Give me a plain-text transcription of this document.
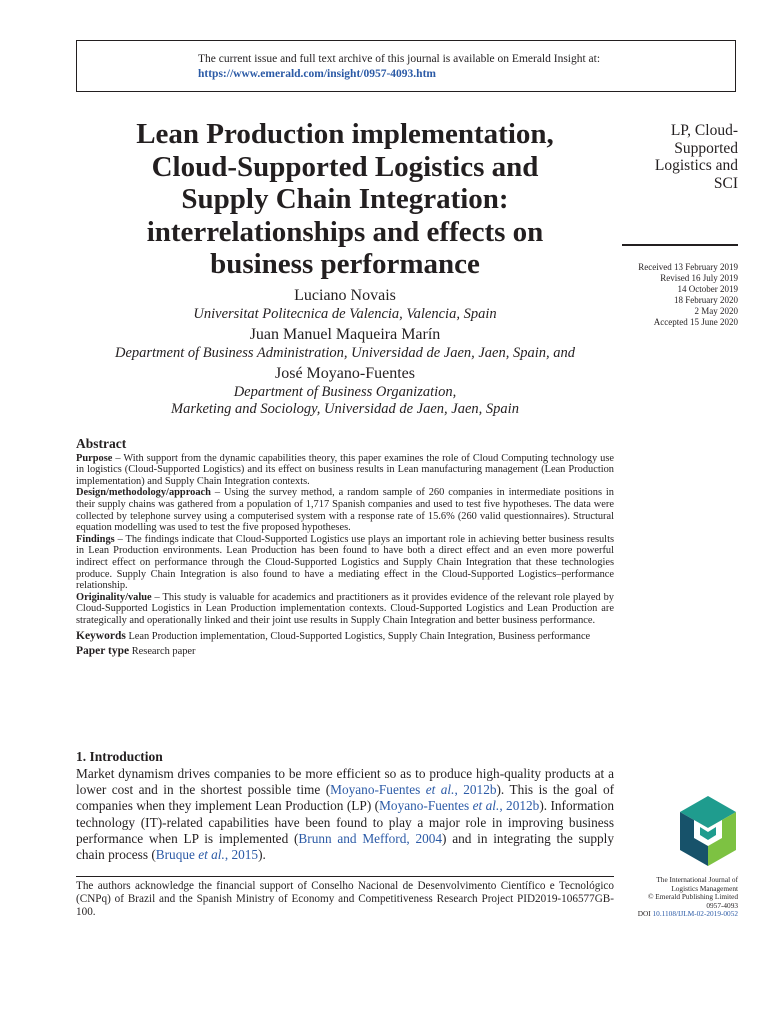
The current issue and full text archive of this journal is available on Emerald Insight at:
https://www.emerald.com/insight/0957-4093.htm
Lean Production implementation,
Cloud-Supported Logistics and
Supply Chain Integration:
interrelationships and effects on
business performance
Luciano Novais
Universitat Politecnica de Valencia, Valencia, Spain
Juan Manuel Maqueira Marín
Department of Business Administration, Universidad de Jaen, Jaen, Spain, and
José Moyano-Fuentes
Department of Business Organization,
Marketing and Sociology, Universidad de Jaen, Jaen, Spain
LP, Cloud-
Supported
Logistics and
SCI
Received 13 February 2019
Revised 16 July 2019
14 October 2019
18 February 2020
2 May 2020
Accepted 15 June 2020
Abstract

Purpose – With support from the dynamic capabilities theory, this paper examines the role of Cloud Computing technology use in logistics (Cloud-Supported Logistics) and its effect on business results in Lean manufacturing management (Lean Production implementation) and Supply Chain Integration contexts.

Design/methodology/approach – Using the survey method, a random sample of 260 companies in intermediate positions in their supply chains was gathered from a population of 1,717 Spanish companies and used to test five hypotheses. The data were collected by telephone survey using a computerised system with a response rate of 15.6% (260 valid questionnaires). Structural equation modelling was used to test the five proposed hypotheses.

Findings – The findings indicate that Cloud-Supported Logistics use plays an important role in achieving better business results in Lean Production environments. Lean Production has been found to have both a direct effect and an even more powerful indirect effect on performance through the Cloud-Supported Logistics and Supply Chain Integration that these technologies produce. Supply Chain Integration is also found to have a mediating effect in the Cloud-Supported Logistics–performance relationship.

Originality/value – This study is valuable for academics and practitioners as it provides evidence of the relevant role played by Cloud-Supported Logistics in Lean Production implementation contexts. Cloud-Supported Logistics and Lean Production are strategically and operationally linked and their joint use results in Supply Chain Integration and better business performance.

Keywords Lean Production implementation, Cloud-Supported Logistics, Supply Chain Integration, Business performance

Paper type Research paper

1. Introduction
Market dynamism drives companies to be more efficient so as to produce high-quality products at a lower cost and in the shortest possible time (Moyano-Fuentes et al., 2012b). This is the goal of companies when they implement Lean Production (LP) (Moyano-Fuentes et al., 2012b). Information technology (IT)-related capabilities have been found to play a major role in improving business performance when LP is implemented (Brunn and Mefford, 2004) and in integrating the supply chain process (Bruque et al., 2015).
The authors acknowledge the financial support of Conselho Nacional de Desenvolvimento Científico e Tecnológico (CNPq) of Brazil and the Spanish Ministry of Economy and Competitiveness Research Project PID2019-106577GB-100.
The International Journal of
Logistics Management
© Emerald Publishing Limited
0957-4093
DOI 10.1108/IJLM-02-2019-0052
